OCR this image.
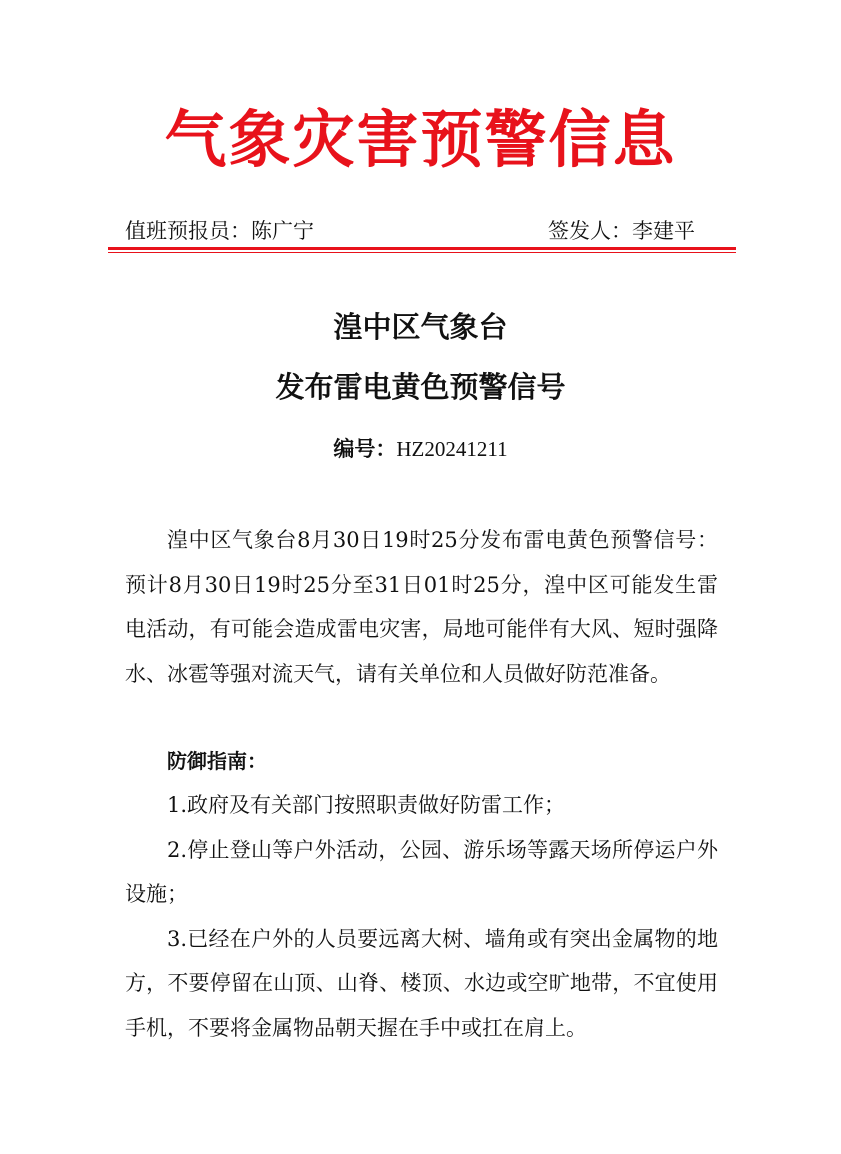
气象灾害预警信息
值班预报员：陈广宁	签发人：李建平
湟中区气象台
发布雷电黄色预警信号
编号：HZ20241211

湟中区气象台8月30日19时25分发布雷电黄色预警信号：预计8月30日19时25分至31日01时25分，湟中区可能发生雷电活动，有可能会造成雷电灾害，局地可能伴有大风、短时强降水、冰雹等强对流天气，请有关单位和人员做好防范准备。

防御指南：

1.政府及有关部门按照职责做好防雷工作；

2.停止登山等户外活动，公园、游乐场等露天场所停运户外设施；

3.已经在户外的人员要远离大树、墙角或有突出金属物的地方，不要停留在山顶、山脊、楼顶、水边或空旷地带，不宜使用手机，不要将金属物品朝天握在手中或扛在肩上。
